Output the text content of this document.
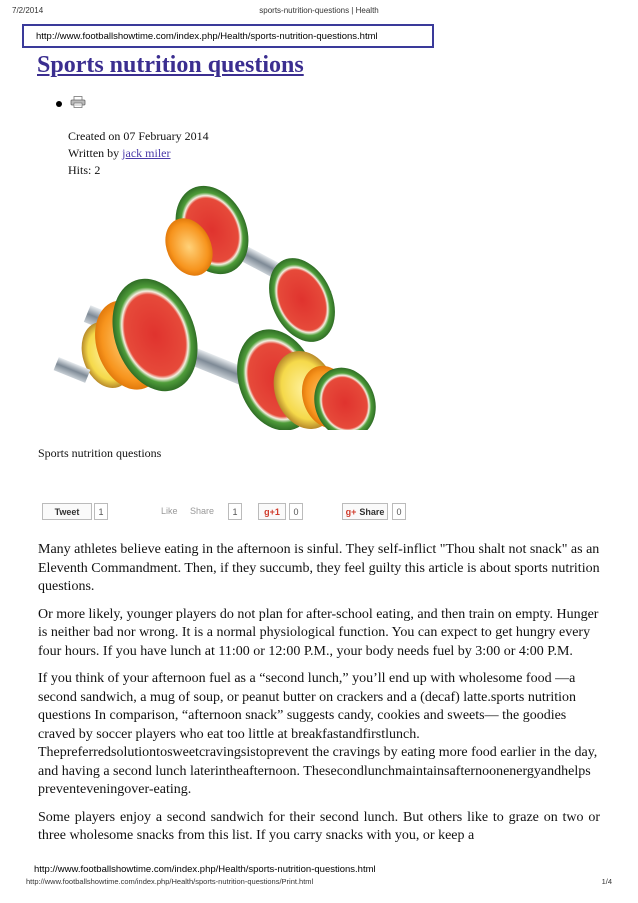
7/2/2014	sports-nutrition-questions | Health
http://www.footballshowtime.com/index.php/Health/sports-nutrition-questions.html
Sports nutrition questions
Created on 07 February 2014
Written by jack miler
Hits: 2
Sports nutrition questions
Tweet	1	Like Share	1	g +1	0	g+ Share	0

Many athletes believe eating in the afternoon is sinful. They self-inflict "Thou shalt not snack" as an Eleventh Commandment. Then, if they succumb, they feel guilty this article is about sports nutrition questions.

Or more likely, younger players do not plan for after-school eating, and then train on empty. Hunger is neither bad nor wrong. It is a normal physiological function. You can expect to get hungry every four hours. If you have lunch at 11:00 or 12:00 P.M., your body needs fuel by 3:00 or 4:00 P.M.

If you think of your afternoon fuel as a “second lunch,” you’ll end up with wholesome food —a second sandwich, a mug of soup, or peanut butter on crackers and a (decaf) latte.sports nutrition questions In comparison, “afternoon snack” suggests candy, cookies and sweets— the goodies craved by soccer players who eat too little at breakfastandfirstlunch. Thepreferredsolutiontosweetcravingsistoprevent the cravings by eating more food earlier in the day, and having a second lunch laterintheafternoon. Thesecondlunchmaintainsafternoonenergyandhelps preventeveningover-eating.

Some players enjoy a second sandwich for their second lunch. But others like to graze on two or three wholesome snacks from this list. If you carry snacks with you, or keep a

http://www.footballshowtime.com/index.php/Health/sports-nutrition-questions.html
http://www.footballshowtime.com/index.php/Health/sports-nutrition-questions/Print.html	1/4
